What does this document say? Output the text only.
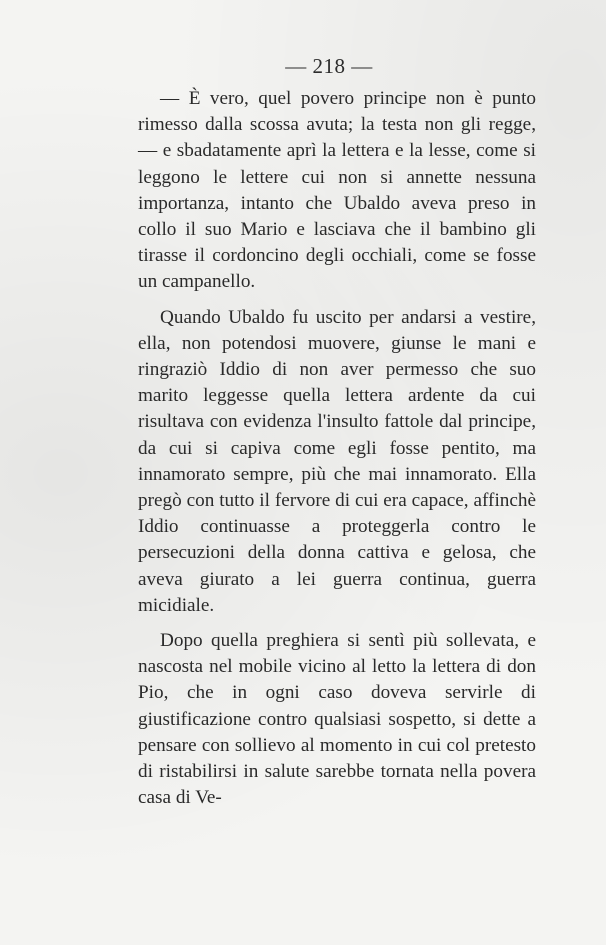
— 218 —

— È vero, quel povero principe non è punto rimesso dalla scossa avuta; la testa non gli regge, — e sbadatamente aprì la lettera e la lesse, come si leggono le lettere cui non si annette nessuna importanza, intanto che Ubaldo aveva preso in collo il suo Mario e lasciava che il bambino gli tirasse il cordoncino degli occhiali, come se fosse un campanello.

Quando Ubaldo fu uscito per andarsi a vestire, ella, non potendosi muovere, giunse le mani e ringraziò Iddio di non aver permesso che suo marito leggesse quella lettera ardente da cui risultava con evidenza l'insulto fattole dal principe, da cui si capiva come egli fosse pentito, ma innamorato sempre, più che mai innamorato. Ella pregò con tutto il fervore di cui era capace, affinchè Iddio continuasse a proteggerla contro le persecuzioni della donna cattiva e gelosa, che aveva giurato a lei guerra continua, guerra micidiale.

Dopo quella preghiera si sentì più sollevata, e nascosta nel mobile vicino al letto la lettera di don Pio, che in ogni caso doveva servirle di giustificazione contro qualsiasi sospetto, si dette a pensare con sollievo al momento in cui col pretesto di ristabilirsi in salute sarebbe tornata nella povera casa di Ve-
